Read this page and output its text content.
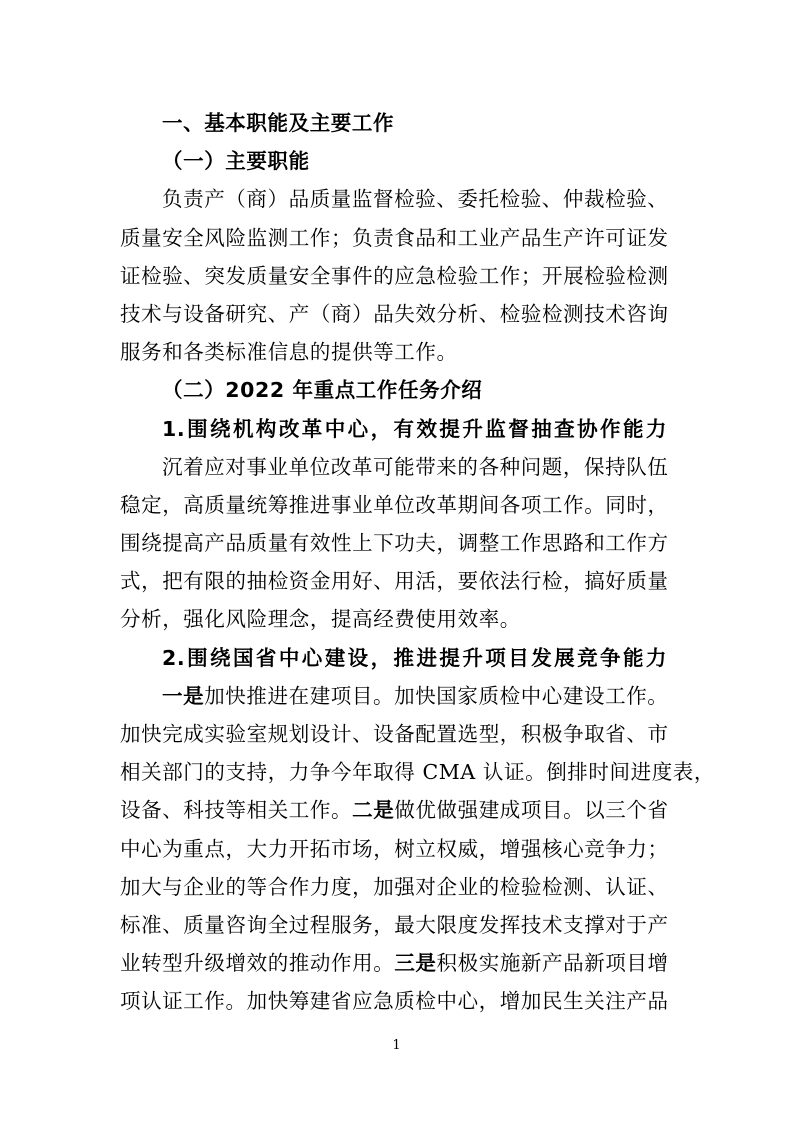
一、基本职能及主要工作
（一）主要职能
负责产（商）品质量监督检验、委托检验、仲裁检验、
质量安全风险监测工作；负责食品和工业产品生产许可证发
证检验、突发质量安全事件的应急检验工作；开展检验检测
技术与设备研究、产（商）品失效分析、检验检测技术咨询
服务和各类标准信息的提供等工作。
（二）2022 年重点工作任务介绍
1.围绕机构改革中心，有效提升监督抽查协作能力
沉着应对事业单位改革可能带来的各种问题，保持队伍
稳定，高质量统筹推进事业单位改革期间各项工作。同时，
围绕提高产品质量有效性上下功夫，调整工作思路和工作方
式，把有限的抽检资金用好、用活，要依法行检，搞好质量
分析，强化风险理念，提高经费使用效率。
2.围绕国省中心建设，推进提升项目发展竞争能力
一是加快推进在建项目。加快国家质检中心建设工作。
加快完成实验室规划设计、设备配置选型，积极争取省、市
相关部门的支持，力争今年取得 CMA 认证。倒排时间进度表，
设备、科技等相关工作。二是做优做强建成项目。以三个省
中心为重点，大力开拓市场，树立权威，增强核心竞争力；
加大与企业的等合作力度，加强对企业的检验检测、认证、
标准、质量咨询全过程服务，最大限度发挥技术支撑对于产
业转型升级增效的推动作用。三是积极实施新产品新项目增
项认证工作。加快筹建省应急质检中心，增加民生关注产品
1
